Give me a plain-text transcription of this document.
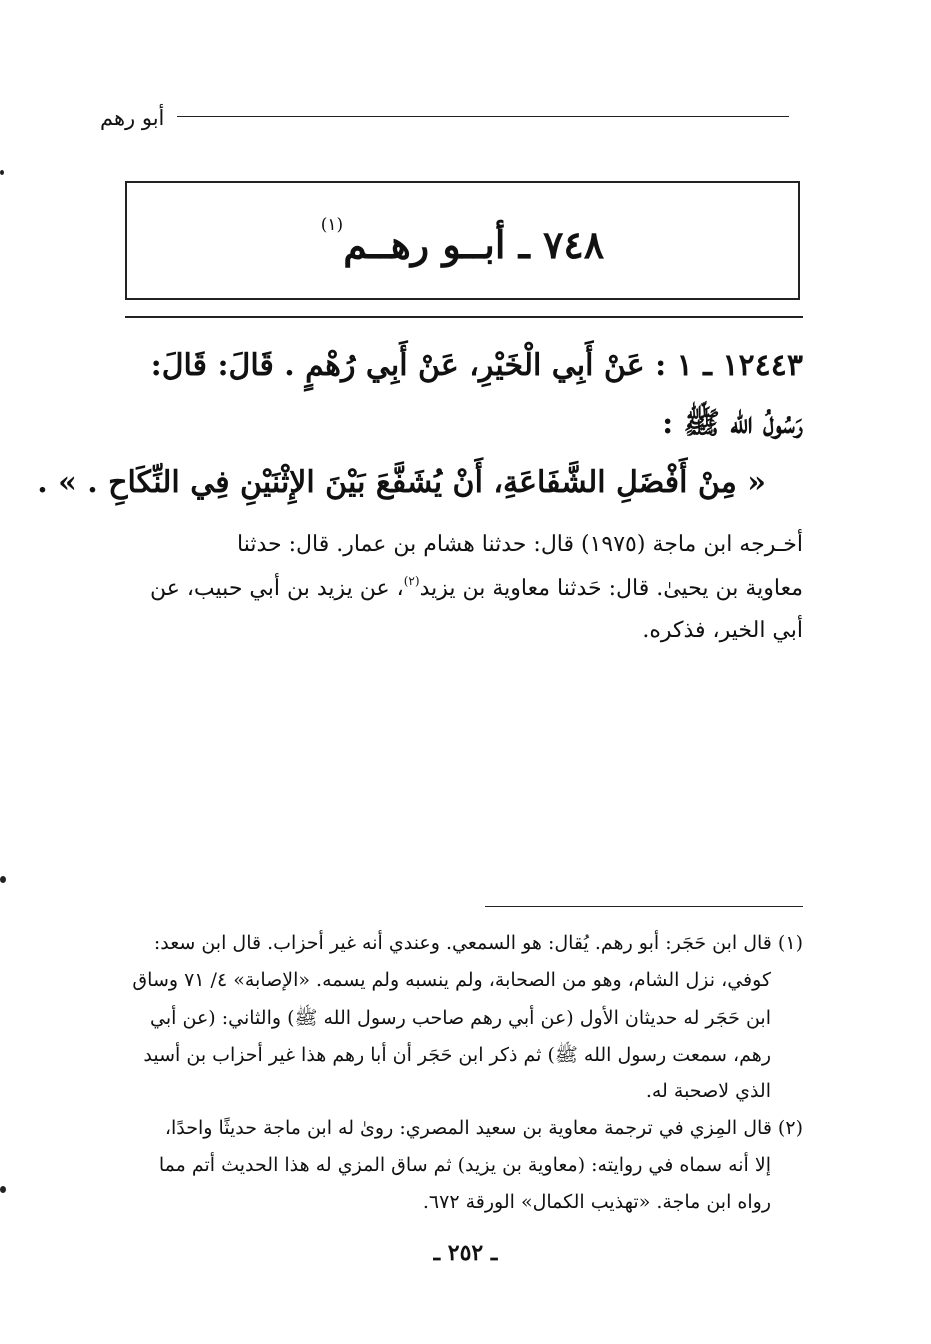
أبو رهم
٧٤٨ ـ أبــو رهــم$^{(١)}$
١٢٤٤٣ ـ ١ : عَنْ أَبِي الْخَيْرِ، عَنْ أَبِي رُهْمٍ . قَالَ: قَالَ:
رَسُولُ الله ﷺ :
« مِنْ أَفْضَلِ الشَّفَاعَةِ، أَنْ يُشَفَّعَ بَيْنَ الإِثْنَيْنِ فِي النِّكَاحِ . » .
أخـرجه ابن ماجة (١٩٧٥) قال: حدثنا هشام بن عمار. قال: حدثنا
معاوية بن يحيىٰ. قال: حَدثنا معاوية بن يزيد$^{(٢)}$، عن يزيد بن أبي حبيب، عن
أبي الخير، فذكره.
(١) قال ابن حَجَر: أبو رهم. يُقال: هو السمعي. وعندي أنه غير أحزاب. قال ابن سعد:
كوفي، نزل الشام، وهو من الصحابة، ولم ينسبه ولم يسمه. «الإصابة» ٤/ ٧١ وساق
ابن حَجَر له حديثان الأول (عن أبي رهم صاحب رسول الله ﷺ) والثاني: (عن أبي
رهم، سمعت رسول الله ﷺ) ثم ذكر ابن حَجَر أن أبا رهم هذا غير أحزاب بن أسيد
الذي لاصحبة له.
(٢) قال المِزي في ترجمة معاوية بن سعيد المصري: روىٰ له ابن ماجة حديثًا واحدًا،
إلا أنه سماه في روايته: (معاوية بن يزيد) ثم ساق المزي له هذا الحديث أتم مما
رواه ابن ماجة. «تهذيب الكمال» الورقة ٦٧٢.
ـ ٢٥٢ ـ
